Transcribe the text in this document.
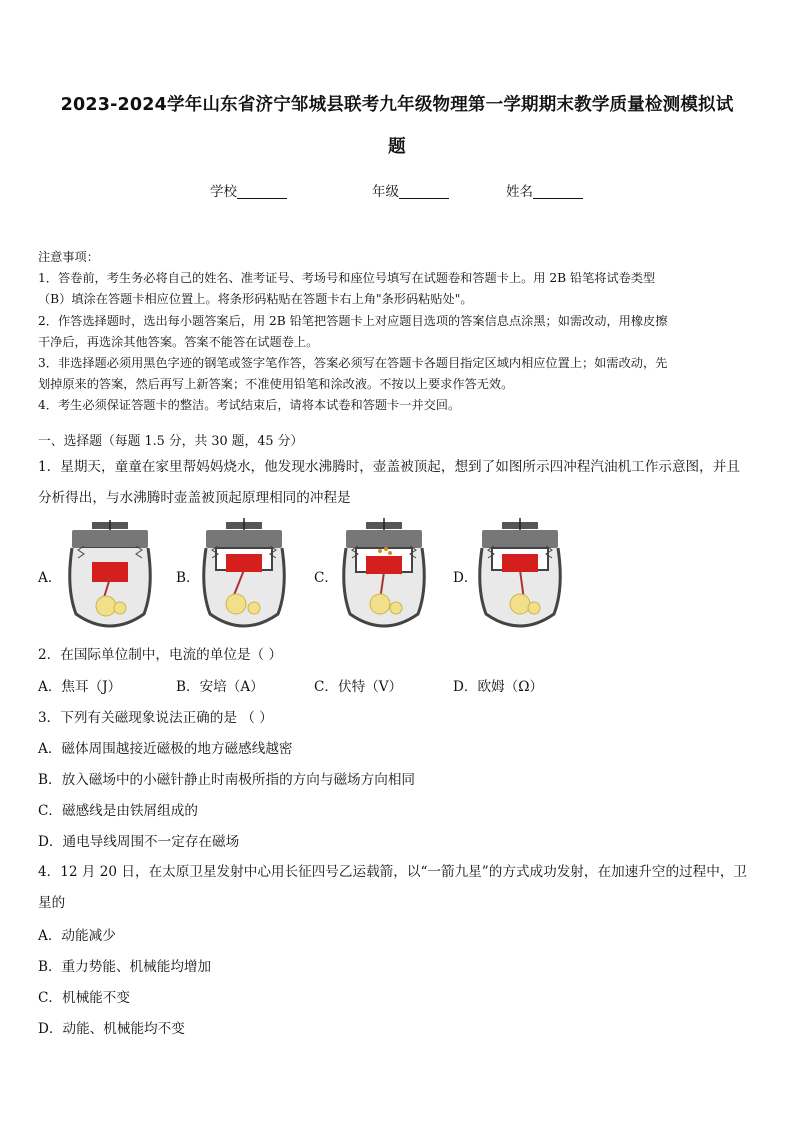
2023-2024学年山东省济宁邹城县联考九年级物理第一学期期末教学质量检测模拟试
题
学校	年级	姓名

注意事项：

1．答卷前，考生务必将自己的姓名、准考证号、考场号和座位号填写在试题卷和答题卡上。用 2B 铅笔将试卷类型

（B）填涂在答题卡相应位置上。将条形码粘贴在答题卡右上角"条形码粘贴处"。

2．作答选择题时，选出每小题答案后，用 2B 铅笔把答题卡上对应题目选项的答案信息点涂黑；如需改动，用橡皮擦

干净后，再选涂其他答案。答案不能答在试题卷上。

3．非选择题必须用黑色字迹的钢笔或签字笔作答，答案必须写在答题卡各题目指定区域内相应位置上；如需改动，先

划掉原来的答案，然后再写上新答案；不准使用铅笔和涂改液。不按以上要求作答无效。

4．考生必须保证答题卡的整洁。考试结束后，请将本试卷和答题卡一并交回。

一、选择题（每题 1.5 分，共 30 题，45 分）

1．星期天，童童在家里帮妈妈烧水，他发现水沸腾时，壶盖被顶起，想到了如图所示四冲程汽油机工作示意图，并且

分析得出，与水沸腾时壶盖被顶起原理相同的冲程是

A．	B．	C．	D．
2．在国际单位制中，电流的单位是（ ）
A．焦耳（J）	B．安培（A）	C．伏特（V）	D．欧姆（Ω）
3．下列有关磁现象说法正确的是 （ ）
A．磁体周围越接近磁极的地方磁感线越密
B．放入磁场中的小磁针静止时南极所指的方向与磁场方向相同
C．磁感线是由铁屑组成的
D．通电导线周围不一定存在磁场

4．12 月 20 日，在太原卫星发射中心用长征四号乙运载箭，以“一箭九星”的方式成功发射，在加速升空的过程中，卫

星的

A．动能减少
B．重力势能、机械能均增加
C．机械能不变
D．动能、机械能均不变
